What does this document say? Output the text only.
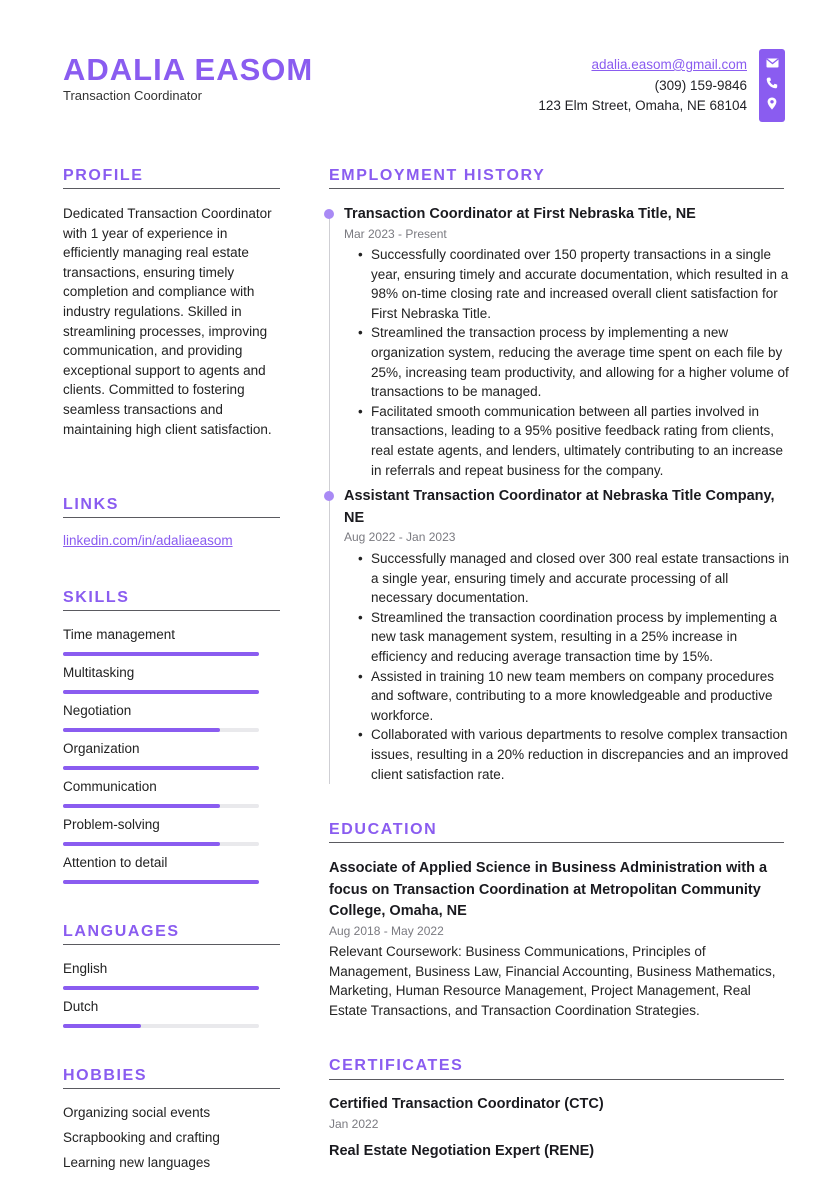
ADALIA EASOM
Transaction Coordinator
adalia.easom@gmail.com
(309) 159-9846
123 Elm Street, Omaha, NE 68104
PROFILE
Dedicated Transaction Coordinator with 1 year of experience in efficiently managing real estate transactions, ensuring timely completion and compliance with industry regulations. Skilled in streamlining processes, improving communication, and providing exceptional support to agents and clients. Committed to fostering seamless transactions and maintaining high client satisfaction.
LINKS
linkedin.com/in/adaliaeasom
SKILLS
Time management
Multitasking
Negotiation
Organization
Communication
Problem-solving
Attention to detail
LANGUAGES
English
Dutch
HOBBIES
Organizing social events
Scrapbooking and crafting
Learning new languages
EMPLOYMENT HISTORY
Transaction Coordinator at First Nebraska Title, NE
Mar 2023 - Present
• Successfully coordinated over 150 property transactions in a single year, ensuring timely and accurate documentation, which resulted in a 98% on-time closing rate and increased overall client satisfaction for First Nebraska Title.
• Streamlined the transaction process by implementing a new organization system, reducing the average time spent on each file by 25%, increasing team productivity, and allowing for a higher volume of transactions to be managed.
• Facilitated smooth communication between all parties involved in transactions, leading to a 95% positive feedback rating from clients, real estate agents, and lenders, ultimately contributing to an increase in referrals and repeat business for the company.
Assistant Transaction Coordinator at Nebraska Title Company, NE
Aug 2022 - Jan 2023
• Successfully managed and closed over 300 real estate transactions in a single year, ensuring timely and accurate processing of all necessary documentation.
• Streamlined the transaction coordination process by implementing a new task management system, resulting in a 25% increase in efficiency and reducing average transaction time by 15%.
• Assisted in training 10 new team members on company procedures and software, contributing to a more knowledgeable and productive workforce.
• Collaborated with various departments to resolve complex transaction issues, resulting in a 20% reduction in discrepancies and an improved client satisfaction rate.
EDUCATION
Associate of Applied Science in Business Administration with a focus on Transaction Coordination at Metropolitan Community College, Omaha, NE
Aug 2018 - May 2022
Relevant Coursework: Business Communications, Principles of Management, Business Law, Financial Accounting, Business Mathematics, Marketing, Human Resource Management, Project Management, Real Estate Transactions, and Transaction Coordination Strategies.
CERTIFICATES
Certified Transaction Coordinator (CTC)
Jan 2022
Real Estate Negotiation Expert (RENE)
